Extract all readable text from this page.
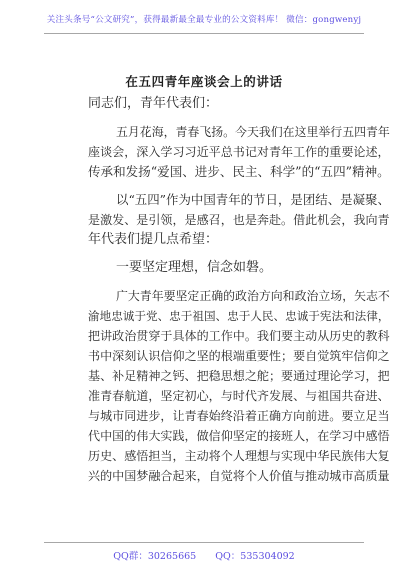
关注头条号“公文研究”，获得最新最全最专业的公文资料库！ 微信：gongwenyj
在五四青年座谈会上的讲话
同志们，青年代表们：
五月花海，青春飞扬。今天我们在这里举行五四青年
座谈会，深入学习习近平总书记对青年工作的重要论述，
传承和发扬“爱国、进步、民主、科学”的“五四”精神。
以“五四”作为中国青年的节日，是团结、是凝聚、
是激发、是引领，是感召，也是奔赴。借此机会，我向青
年代表们提几点希望：
一要坚定理想，信念如磐。
广大青年要坚定正确的政治方向和政治立场，矢志不
渝地忠诚于党、忠于祖国、忠于人民、忠诚于宪法和法律，
把讲政治贯穿于具体的工作中。我们要主动从历史的教科
书中深刻认识信仰之坚的根端重要性；要自觉筑牢信仰之
基、补足精神之钙、把稳思想之舵；要通过理论学习，把
准青春航道，坚定初心，与时代齐发展、与祖国共奋进、
与城市同进步，让青春始终沿着正确方向前进。要立足当
代中国的伟大实践，做信仰坚定的接班人，在学习中感悟
历史、感悟担当，主动将个人理想与实现中华民族伟大复
兴的中国梦融合起来，自觉将个人价值与推动城市高质量
QQ群：30265665 QQ：535304092
